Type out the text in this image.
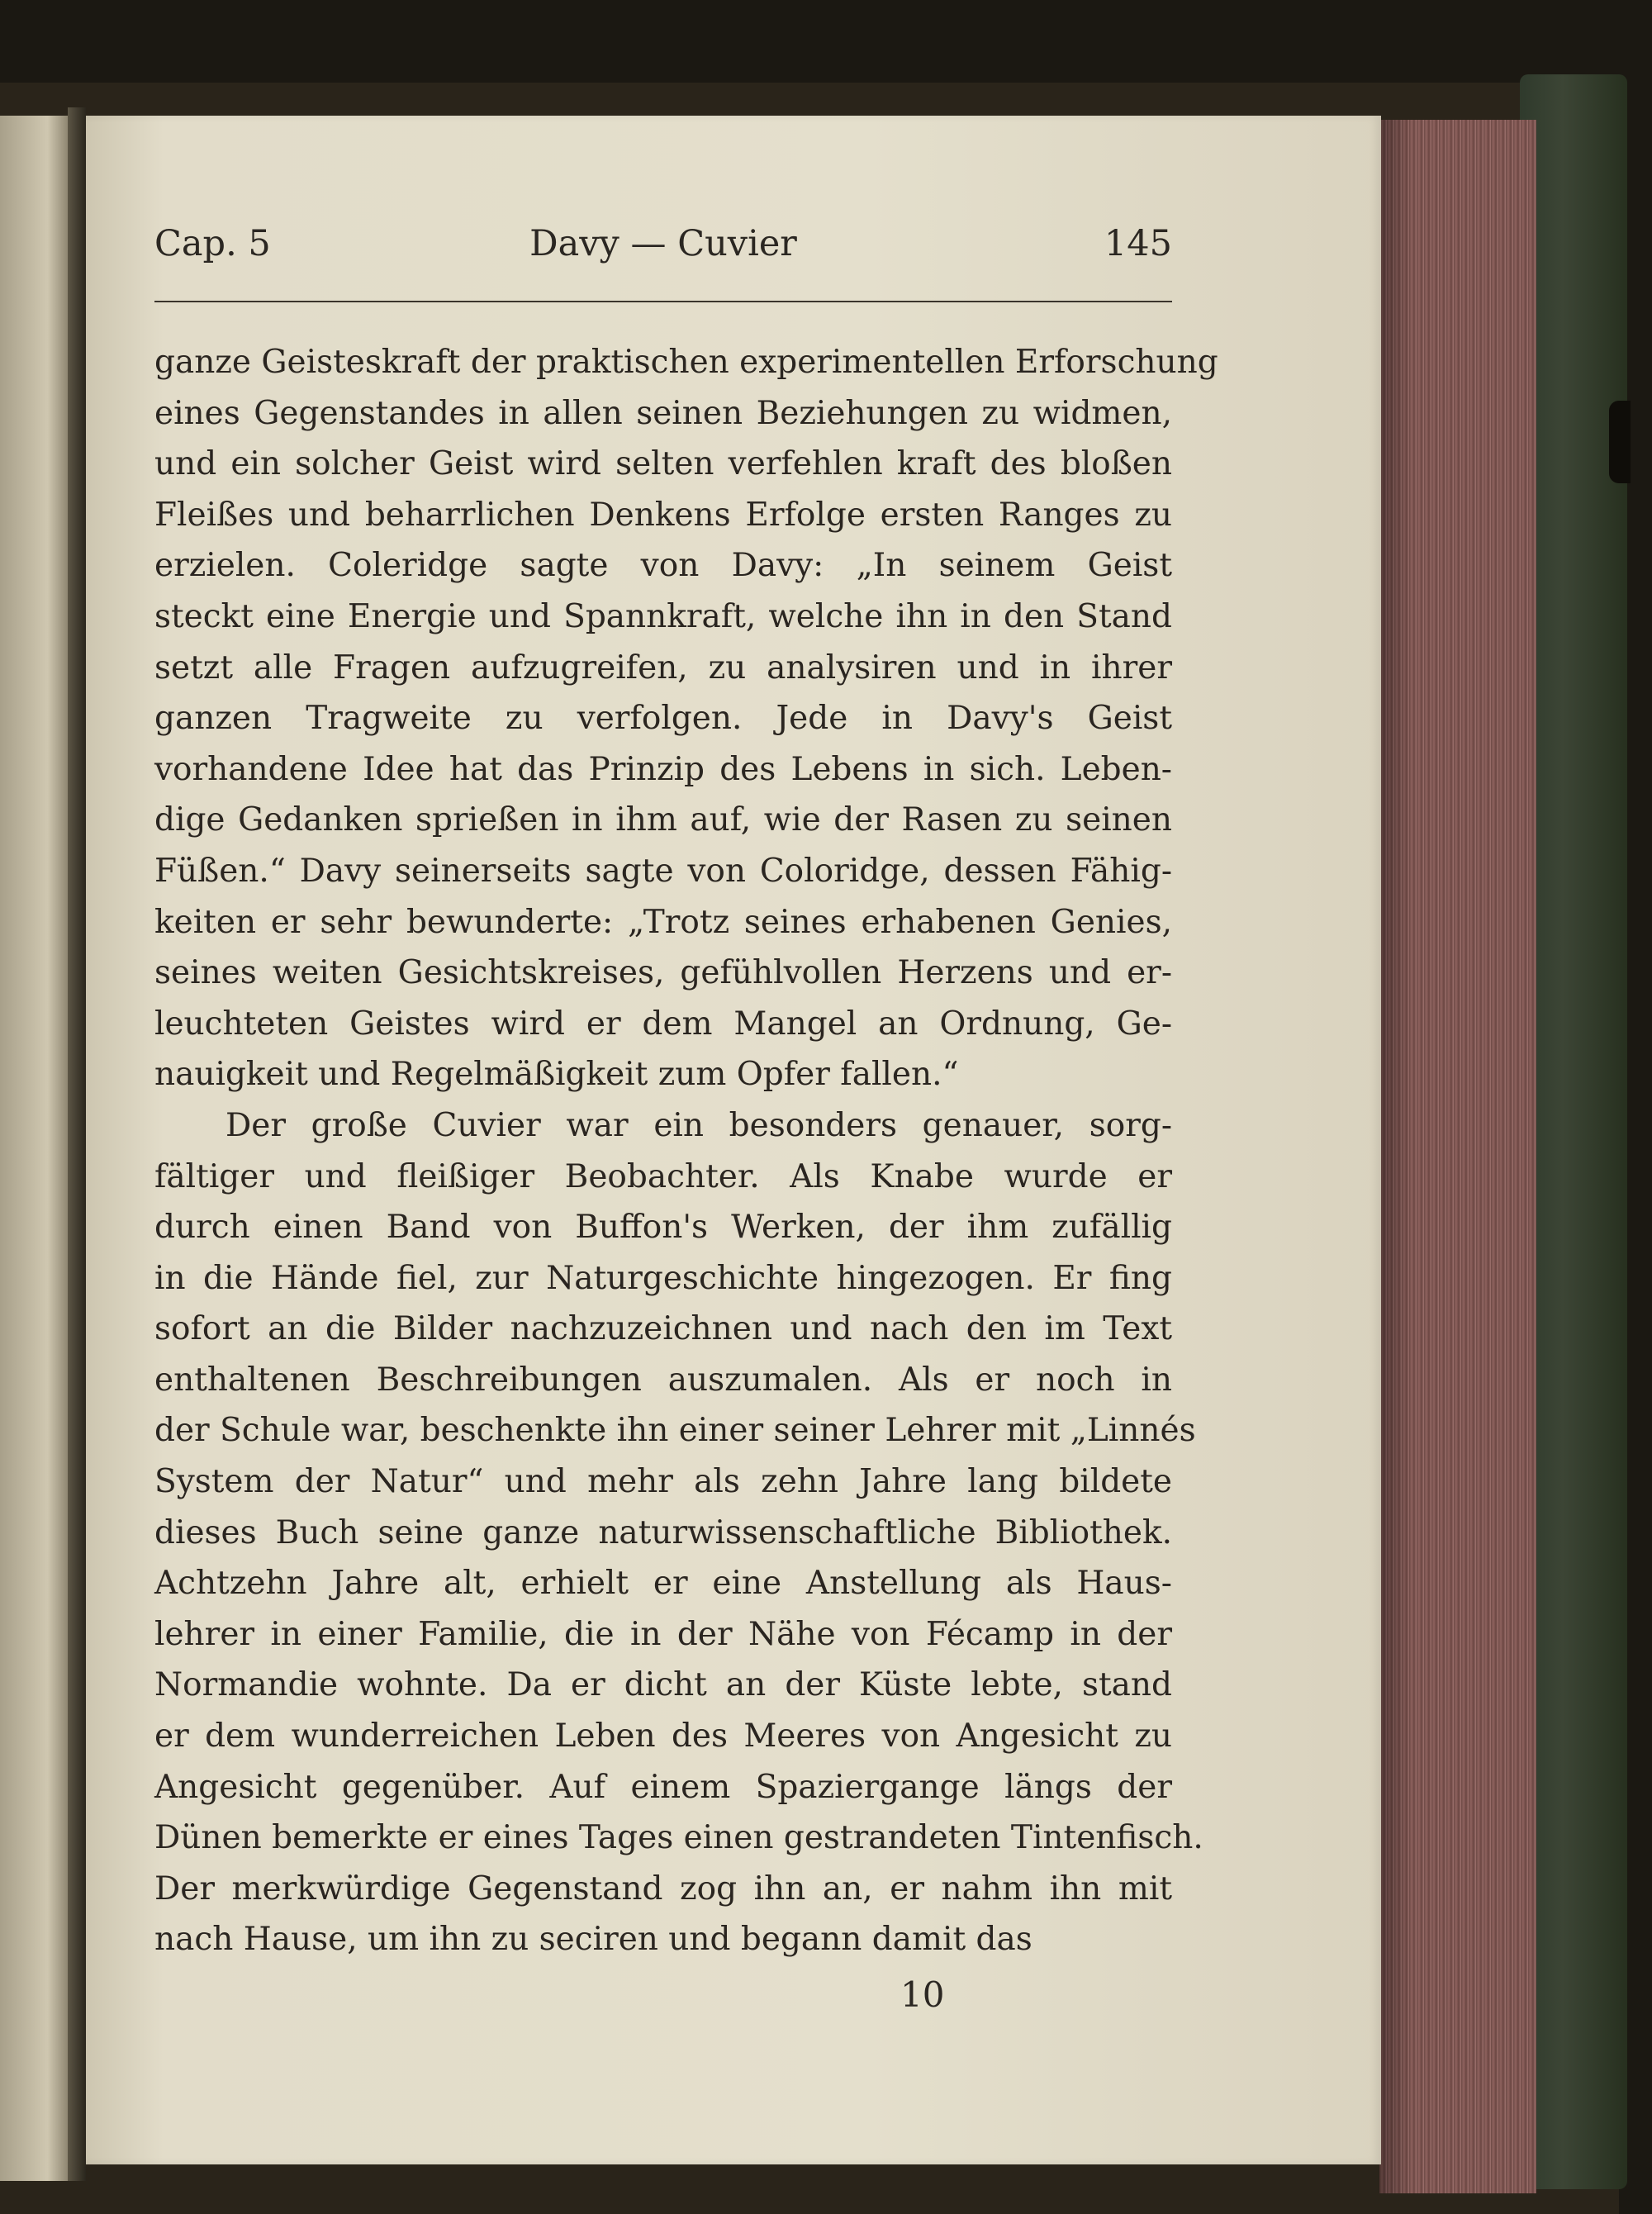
Cap. 5	Davy — Cuvier	145
ganze Geisteskraft der praktischen experimentellen Erforschung
eines Gegenstandes in allen seinen Beziehungen zu widmen,
und ein solcher Geist wird selten verfehlen kraft des bloßen
Fleißes und beharrlichen Denkens Erfolge ersten Ranges zu
erzielen. Coleridge sagte von Davy: „In seinem Geist
steckt eine Energie und Spannkraft, welche ihn in den Stand
setzt alle Fragen aufzugreifen, zu analysiren und in ihrer
ganzen Tragweite zu verfolgen. Jede in Davy's Geist
vorhandene Idee hat das Prinzip des Lebens in sich. Leben-
dige Gedanken sprießen in ihm auf, wie der Rasen zu seinen
Füßen.“ Davy seinerseits sagte von Coloridge, dessen Fähig-
keiten er sehr bewunderte: „Trotz seines erhabenen Genies,
seines weiten Gesichtskreises, gefühlvollen Herzens und er-
leuchteten Geistes wird er dem Mangel an Ordnung, Ge-
nauigkeit und Regelmäßigkeit zum Opfer fallen.“
Der große Cuvier war ein besonders genauer, sorg-
fältiger und fleißiger Beobachter. Als Knabe wurde er
durch einen Band von Buffon's Werken, der ihm zufällig
in die Hände fiel, zur Naturgeschichte hingezogen. Er fing
sofort an die Bilder nachzuzeichnen und nach den im Text
enthaltenen Beschreibungen auszumalen. Als er noch in
der Schule war, beschenkte ihn einer seiner Lehrer mit „Linnés
System der Natur“ und mehr als zehn Jahre lang bildete
dieses Buch seine ganze naturwissenschaftliche Bibliothek.
Achtzehn Jahre alt, erhielt er eine Anstellung als Haus-
lehrer in einer Familie, die in der Nähe von Fécamp in der
Normandie wohnte. Da er dicht an der Küste lebte, stand
er dem wunderreichen Leben des Meeres von Angesicht zu
Angesicht gegenüber. Auf einem Spaziergange längs der
Dünen bemerkte er eines Tages einen gestrandeten Tintenfisch.
Der merkwürdige Gegenstand zog ihn an, er nahm ihn mit
nach Hause, um ihn zu seciren und begann damit das
10
